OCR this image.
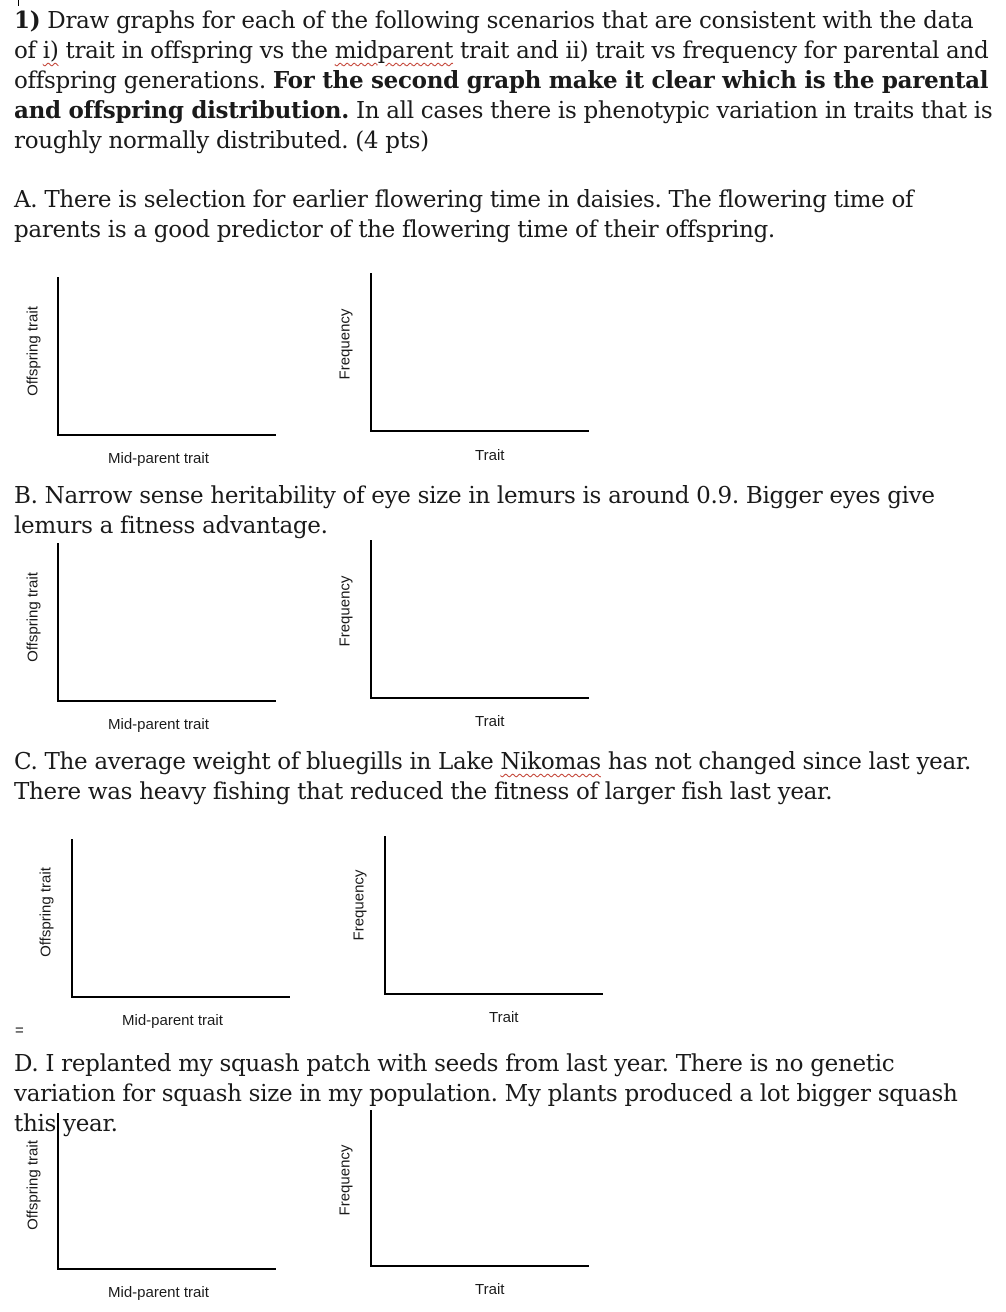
1) Draw graphs for each of the following scenarios that are consistent with the data of i) trait in offspring vs the midparent trait and ii) trait vs frequency for parental and offspring generations. For the second graph make it clear which is the parental and offspring distribution. In all cases there is phenotypic variation in traits that is roughly normally distributed. (4 pts)

A. There is selection for earlier flowering time in daisies. The flowering time of parents is a good predictor of the flowering time of their offspring.

Offspring trait
Mid-parent trait
Frequency
Trait

B. Narrow sense heritability of eye size in lemurs is around 0.9. Bigger eyes give lemurs a fitness advantage.

Offspring trait
Mid-parent trait
Frequency
Trait

C. The average weight of bluegills in Lake Nikomas has not changed since last year. There was heavy fishing that reduced the fitness of larger fish last year.

Offspring trait
Mid-parent trait
Frequency
Trait
=

D. I replanted my squash patch with seeds from last year. There is no genetic variation for squash size in my population. My plants produced a lot bigger squash this year.

Offspring trait
Mid-parent trait
Frequency
Trait
